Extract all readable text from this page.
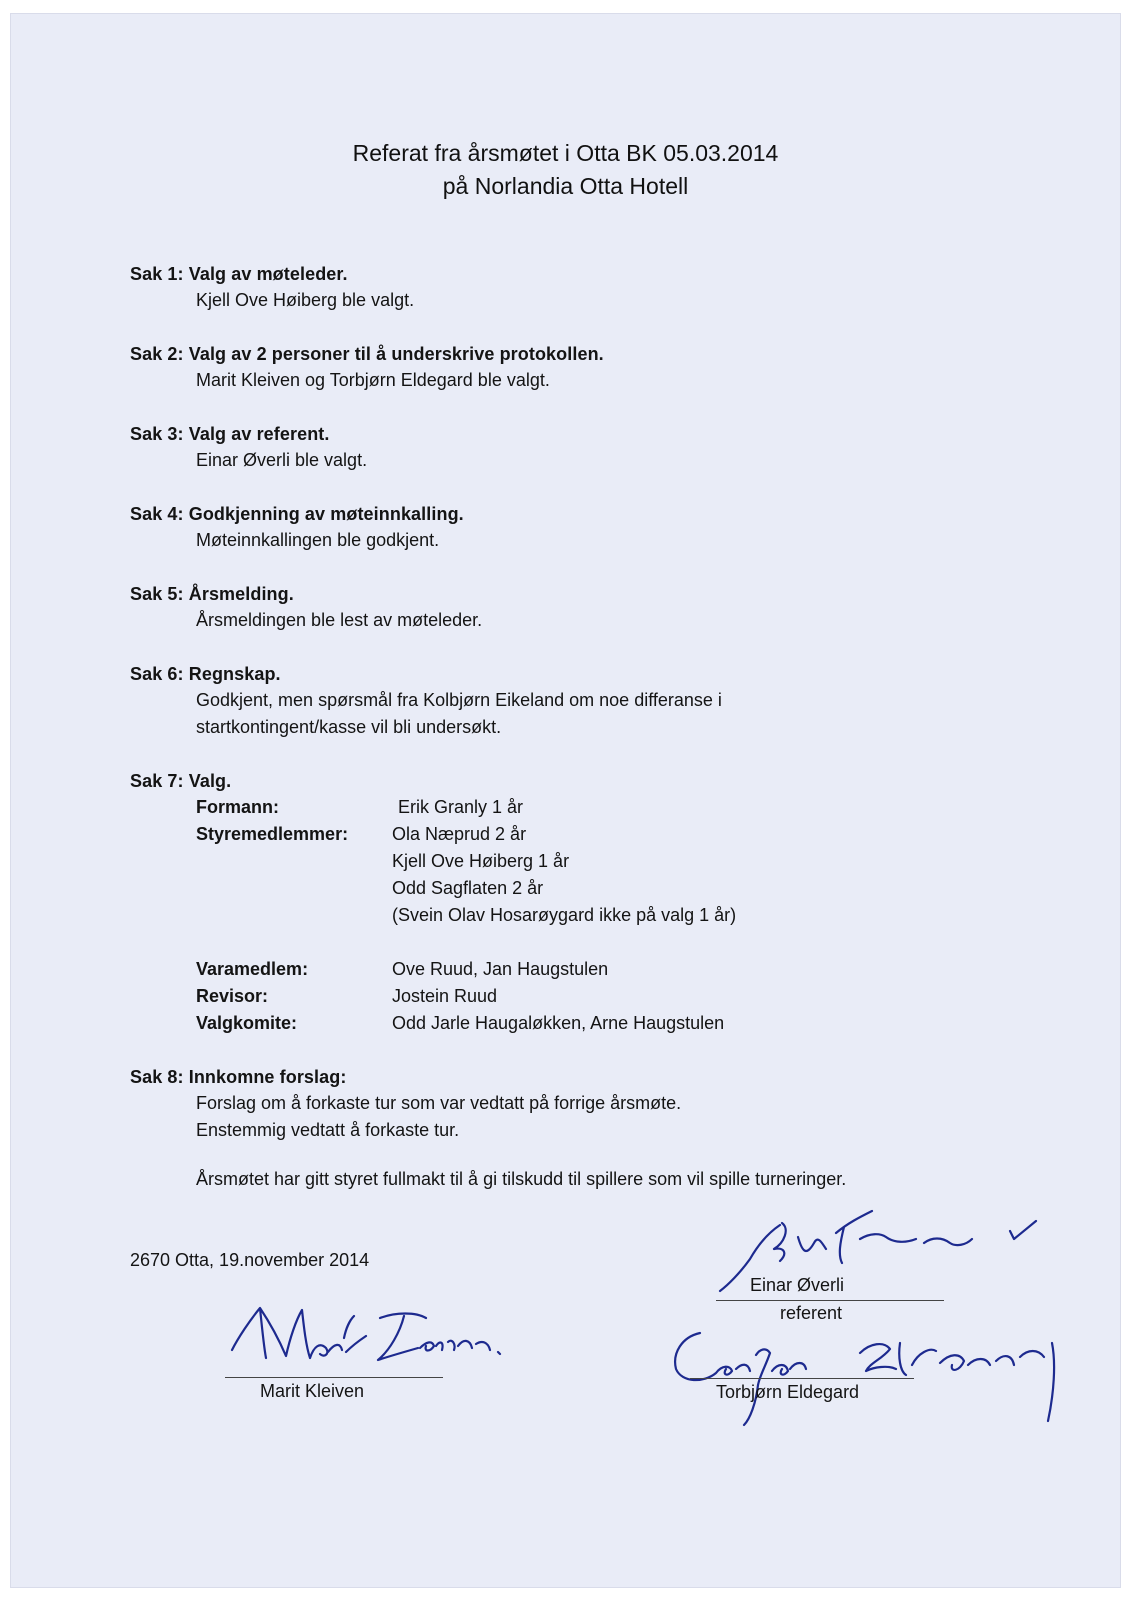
Referat fra årsmøtet i Otta BK 05.03.2014
på Norlandia Otta Hotell
Sak 1: Valg av møteleder.
Kjell Ove Høiberg ble valgt.
Sak 2: Valg av 2 personer til å underskrive protokollen.
Marit Kleiven og Torbjørn Eldegard ble valgt.
Sak 3: Valg av referent.
Einar Øverli ble valgt.
Sak 4: Godkjenning av møteinnkalling.
Møteinnkallingen ble godkjent.
Sak 5: Årsmelding.
Årsmeldingen ble lest av møteleder.
Sak 6: Regnskap.
Godkjent, men spørsmål fra Kolbjørn Eikeland om noe differanse i
startkontingent/kasse vil bli undersøkt.
Sak 7: Valg.
Formann:	Erik Granly 1 år
Styremedlemmer:	Ola Næprud 2 år
Kjell Ove Høiberg 1 år
Odd Sagflaten 2 år
(Svein Olav Hosarøygard ikke på valg 1 år)
Varamedlem:	Ove Ruud, Jan Haugstulen
Revisor:	Jostein Ruud
Valgkomite:	Odd Jarle Haugaløkken, Arne Haugstulen
Sak 8: Innkomne forslag:
Forslag om å forkaste tur som var vedtatt på forrige årsmøte.
Enstemmig vedtatt å forkaste tur.
Årsmøtet har gitt styret fullmakt til å gi tilskudd til spillere som vil spille turneringer.
2670 Otta, 19.november 2014
Marit Kleiven
Einar Øverli
referent
Torbjørn Eldegard
